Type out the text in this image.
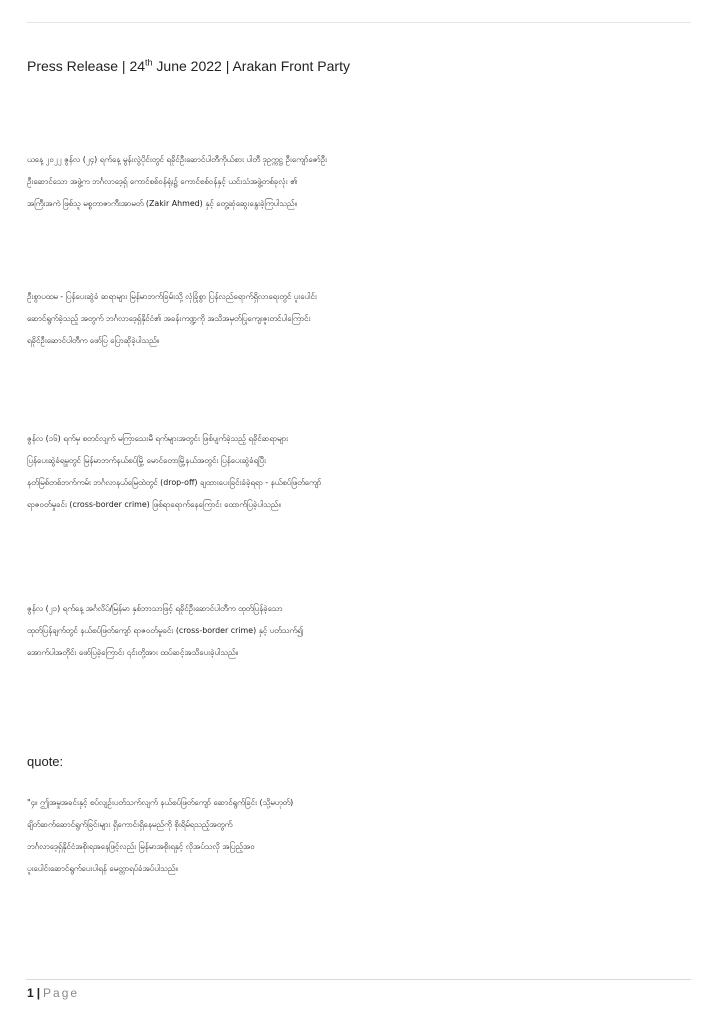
Press Release | 24th June 2022 | Arakan Front Party
ယနေ့ ၂၀၂၂ ဇွန်လ (၂၄) ရက်နေ့ မွန်းလွဲပိုင်းတွင် ရခိုင်ဦးဆောင်ပါတီကိုယ်စား ပါတီ ဒုဥက္ကဋ္ဌ ဦးကျော်ဇော်ဦး
ဦးဆောင်သော အဖွဲ့က ဘင်္ဂလာဒေ့ရှ် ကောင်စစ်ဝန်ရုံး၌ ကောင်စစ်ဝန်နှင့် ယင်းသံအဖွဲ့တစ်ခုလုံး ၏
အကြီးအကဲ ဖြစ်သူ မစ္စတာဇာကီးအာမတ် (Zakir Ahmed) နှင့် တွေ့ဆုံဆွေးနွေးခဲ့ကြပါသည်။
ဦးစွာပထမ - ပြန်ပေးဆွဲခံ ဆရာများ မြန်မာဘက်ခြမ်းသို့ လုံခြုံစွာ ပြန်လည်ရောက်ရှိလာရေးတွင် ပူးပေါင်း
ဆောင်ရွက်ခဲ့သည့် အတွက် ဘင်္ဂလာဒေ့ရှ်နိုင်ငံ၏ အခန်းကဏ္ဍကို အသိအမှတ်ပြုကျေးဇူးတင်ပါကြောင်း
ရခိုင်ဦးဆောင်ပါတီက ဖော်ပြ ပြောဆိုခဲ့ပါသည်။
ဇွန်လ (၁၆) ရက်မှ စတင်လျက် မကြာသေးမီ ရက်များအတွင်း ဖြစ်ပျက်ခဲ့သည့် ရခိုင်ဆရာများ
ပြန်ပေးဆွဲခံရမှုတွင် မြန်မာဘက်နယ်စပ်မြို့ မောင်တောမြို့နယ်အတွင်း ပြန်ပေးဆွဲခံရပြီး
နတ်မြစ်တစ်ဘက်ကမ်း ဘင်္ဂလာနယ်မြေထဲတွင် (drop-off) ချထားပေးခြင်းခံခဲ့ရရာ - နယ်စပ်ဖြတ်ကျော်
ရာဇဝတ်မှုခင်း (cross-border crime) ဖြစ်ရာရောက်နေကြောင်း ထောက်ပြခဲ့ပါသည်။
ဇွန်လ (၂၁) ရက်နေ့ အင်္ဂလိပ်/မြန်မာ နှစ်ဘာသာဖြင့် ရခိုင်ဦးဆောင်ပါတီက ထုတ်ပြန်ခဲ့သော
ထုတ်ပြန်ချက်တွင် နယ်စပ်ဖြတ်ကျော် ရာဇဝတ်မှုခင်း (cross-border crime) နှင့် ပတ်သက်၍
အောက်ပါအတိုင်း ဖော်ပြခဲ့ကြောင်း ၎င်းတို့အား ထပ်ဆင့်အသိပေးခဲ့ပါသည်။
quote:
"၄။ ဤအမှုအခင်းနှင့် စပ်လျဉ်းပတ်သက်လျက် နယ်စပ်ဖြတ်ကျော် ဆောင်ရွက်ခြင်း (သို့မဟုတ်)
ချိတ်ဆက်ဆောင်ရွက်ခြင်းများ ရှိကောင်းရှိနေမည်ကို စိုးရိမ်ရသည့်အတွက်
ဘင်္ဂလာဒေ့ရှ်နိုင်ငံအစိုးရအနေဖြင့်လည်း မြန်မာအစိုးရနှင့် လိုအပ်သလို အပြည့်အဝ
ပူးပေါင်းဆောင်ရွက်ပေးပါရန် မေတ္တာရပ်ခံအပ်ပါသည်။
1 | Page
